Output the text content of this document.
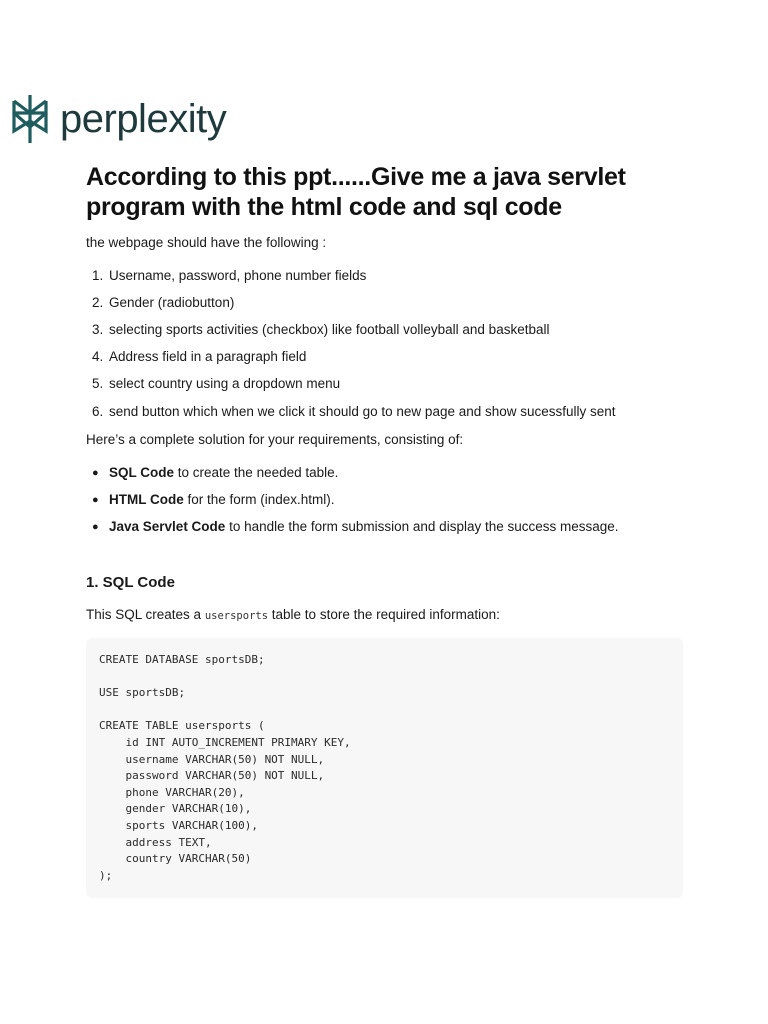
perplexity
According to this ppt......Give me a java servlet program with the html code and sql code

the webpage should have the following :

1. Username, password, phone number fields
2. Gender (radiobutton)
3. selecting sports activities (checkbox) like football volleyball and basketball
4. Address field in a paragraph field
5. select country using a dropdown menu
6. send button which when we click it should go to new page and show sucessfully sent

Here’s a complete solution for your requirements, consisting of:

● SQL Code to create the needed table.
● HTML Code for the form (index.html).
● Java Servlet Code to handle the form submission and display the success message.
1. SQL Code

This SQL creates a usersports table to store the required information:

CREATE DATABASE sportsDB;

USE sportsDB;

CREATE TABLE usersports (
id INT AUTO_INCREMENT PRIMARY KEY,
username VARCHAR(50) NOT NULL,
password VARCHAR(50) NOT NULL,
phone VARCHAR(20),
gender VARCHAR(10),
sports VARCHAR(100),
address TEXT,
country VARCHAR(50)
);
